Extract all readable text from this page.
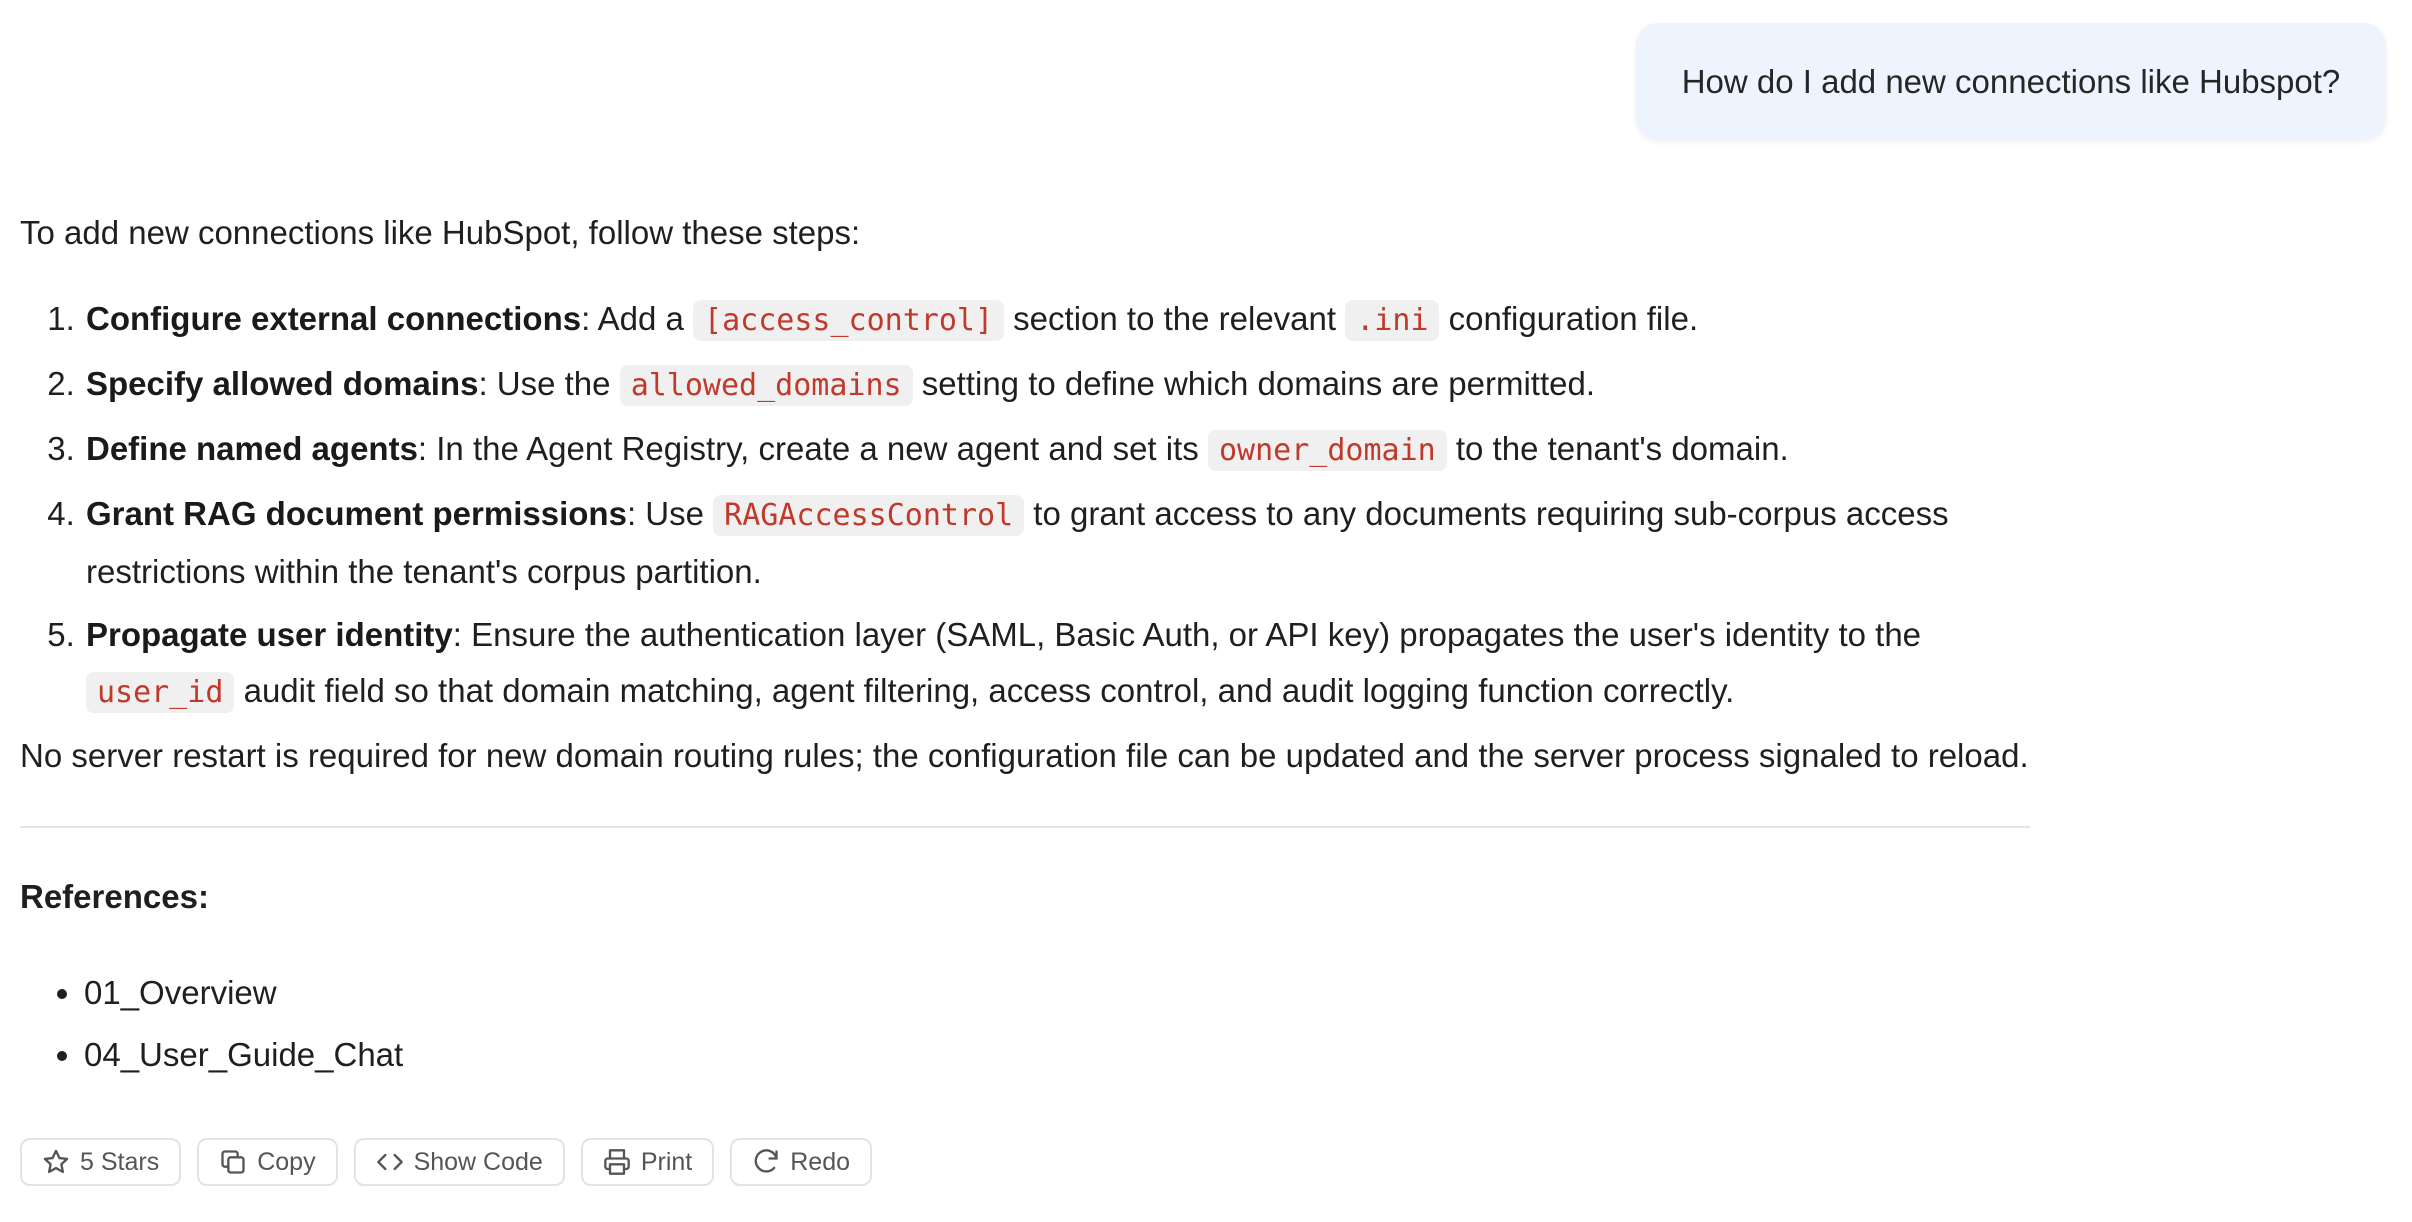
How do I add new connections like Hubspot?

To add new connections like HubSpot, follow these steps:

1. Configure external connections: Add a [access_control] section to the relevant .ini configuration file.
2. Specify allowed domains: Use the allowed_domains setting to define which domains are permitted.
3. Define named agents: In the Agent Registry, create a new agent and set its owner_domain to the tenant's domain.
4. Grant RAG document permissions: Use RAGAccessControl to grant access to any documents requiring sub-corpus access restrictions within the tenant's corpus partition.
5. Propagate user identity: Ensure the authentication layer (SAML, Basic Auth, or API key) propagates the user's identity to the user_id audit field so that domain matching, agent filtering, access control, and audit logging function correctly.

No server restart is required for new domain routing rules; the configuration file can be updated and the server process signaled to reload.

References:
• 01_Overview
• 04_User_Guide_Chat
5 Stars	Copy	Show Code	Print	Redo
